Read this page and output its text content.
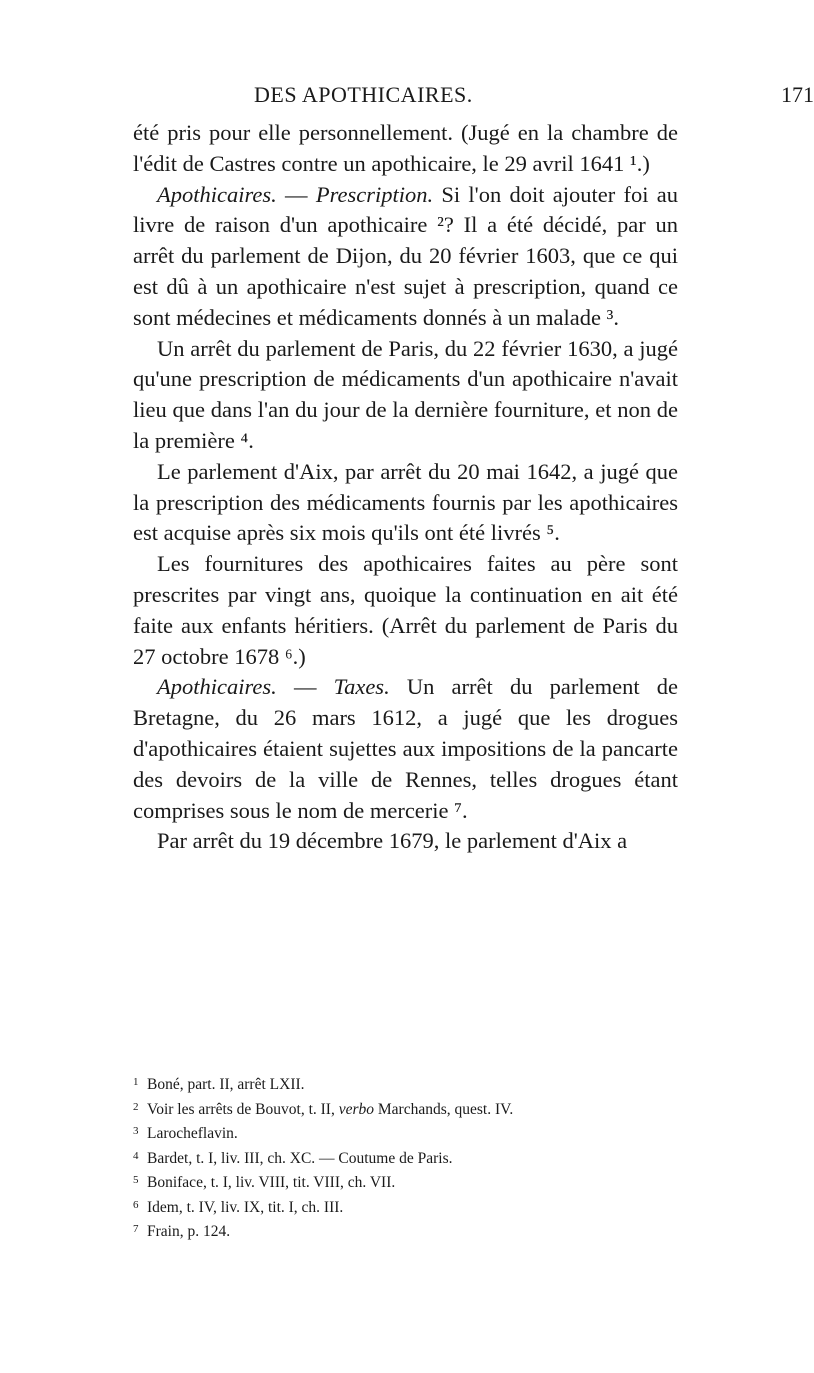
DES APOTHICAIRES.	171

été pris pour elle personnellement. (Jugé en la chambre de l'édit de Castres contre un apothicaire, le 29 avril 1641 ¹.)

Apothicaires. — Prescription. Si l'on doit ajouter foi au livre de raison d'un apothicaire ²? Il a été décidé, par un arrêt du parlement de Dijon, du 20 février 1603, que ce qui est dû à un apothicaire n'est sujet à prescription, quand ce sont médecines et médicaments donnés à un malade ³.

Un arrêt du parlement de Paris, du 22 février 1630, a jugé qu'une prescription de médicaments d'un apothicaire n'avait lieu que dans l'an du jour de la dernière fourniture, et non de la première ⁴.

Le parlement d'Aix, par arrêt du 20 mai 1642, a jugé que la prescription des médicaments fournis par les apothicaires est acquise après six mois qu'ils ont été livrés ⁵.

Les fournitures des apothicaires faites au père sont prescrites par vingt ans, quoique la continuation en ait été faite aux enfants héritiers. (Arrêt du parlement de Paris du 27 octobre 1678 ⁶.)

Apothicaires. — Taxes. Un arrêt du parlement de Bretagne, du 26 mars 1612, a jugé que les drogues d'apothicaires étaient sujettes aux impositions de la pancarte des devoirs de la ville de Rennes, telles drogues étant comprises sous le nom de mercerie ⁷.

Par arrêt du 19 décembre 1679, le parlement d'Aix a

1 Boné, part. II, arrêt LXII.

2 Voir les arrêts de Bouvot, t. II, verbo Marchands, quest. IV.

3 Larocheflavin.

4 Bardet, t. I, liv. III, ch. XC. — Coutume de Paris.

5 Boniface, t. I, liv. VIII, tit. VIII, ch. VII.

6 Idem, t. IV, liv. IX, tit. I, ch. III.

7 Frain, p. 124.
